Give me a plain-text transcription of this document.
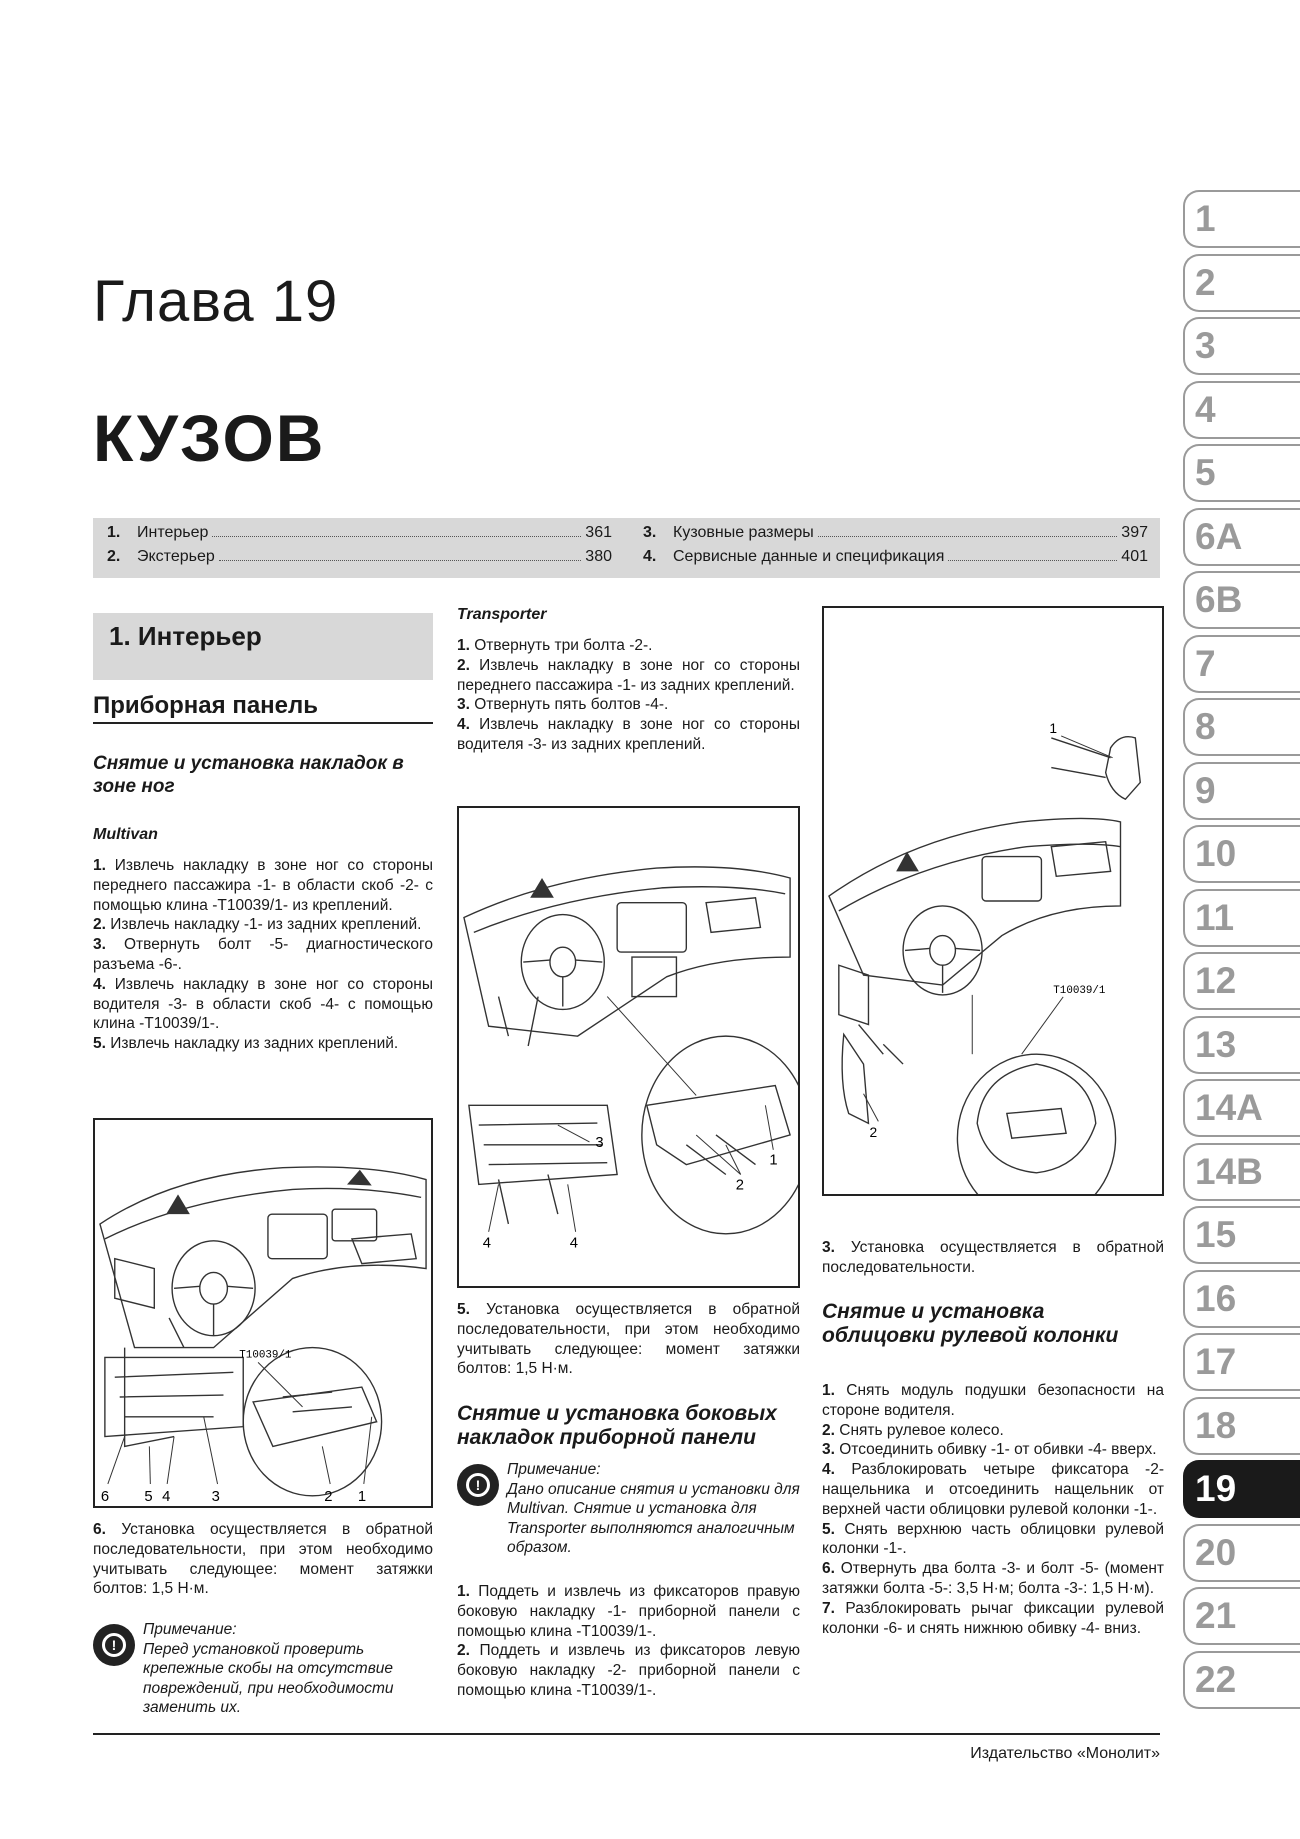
Глава 19
КУЗОВ
1.	Интерьер	361
2.	Экстерьер	380
3.	Кузовные размеры	397
4.	Сервисные данные и спецификация	401
1. Интерьер
Приборная панель
Снятие и установка накладок в зоне ног
Multivan

1. Извлечь накладку в зоне ног со стороны переднего пассажира -1- в области скоб -2- с помощью клина -T10039/1- из креплений.

2. Извлечь накладку -1- из задних креплений.

3. Отвернуть болт -5- диагностического разъема -6-.

4. Извлечь накладку в зоне ног со стороны водителя -3- в области скоб -4- с помощью клина -T10039/1-.

5. Извлечь накладку из задних креплений.

T10039/1
6 5 4	3	2 1

6. Установка осуществляется в обратной последовательности, при этом необходимо учитывать следующее: момент затяжки болтов: 1,5 Н·м.

!
Примечание:
Перед установкой проверить крепежные скобы на отсутствие повреждений, при необходимости заменить их.
Transporter

1. Отвернуть три болта -2-.

2. Извлечь накладку в зоне ног со стороны переднего пассажира -1- из задних креплений.

3. Отвернуть пять болтов -4-.

4. Извлечь накладку в зоне ног со стороны водителя -3- из задних креплений.

3
4	4
2
1

5. Установка осуществляется в обратной последовательности, при этом необходимо учитывать следующее: момент затяжки болтов: 1,5 Н·м.

Снятие и установка боковых накладок приборной панели
!
Примечание:
Дано описание снятия и установки для Multivan. Снятие и установка для Transporter выполняются аналогичным образом.

1. Поддеть и извлечь из фиксаторов правую боковую накладку -1- приборной панели с помощью клина -T10039/1-.

2. Поддеть и извлечь из фиксаторов левую боковую накладку -2- приборной панели с помощью клина -T10039/1-.

1
2
T10039/1

3. Установка осуществляется в обратной последовательности.

Снятие и установка облицовки рулевой колонки

1. Снять модуль подушки безопасности на стороне водителя.

2. Снять рулевое колесо.

3. Отсоединить обивку -1- от обивки -4- вверх.

4. Разблокировать четыре фиксатора -2- нащельника и отсоединить нащельник от верхней части облицовки рулевой колонки -1-.

5. Снять верхнюю часть облицовки рулевой колонки -1-.

6. Отвернуть два болта -3- и болт -5- (момент затяжки болта -5-: 3,5 Н·м; болта -3-: 1,5 Н·м).

7. Разблокировать рычаг фиксации рулевой колонки -6- и снять нижнюю обивку -4- вниз.

1
2
3
4
5
6A
6B
7
8
9
10
11
12
13
14A
14B
15
16
17
18
19
20
21
22
Издательство «Монолит»
